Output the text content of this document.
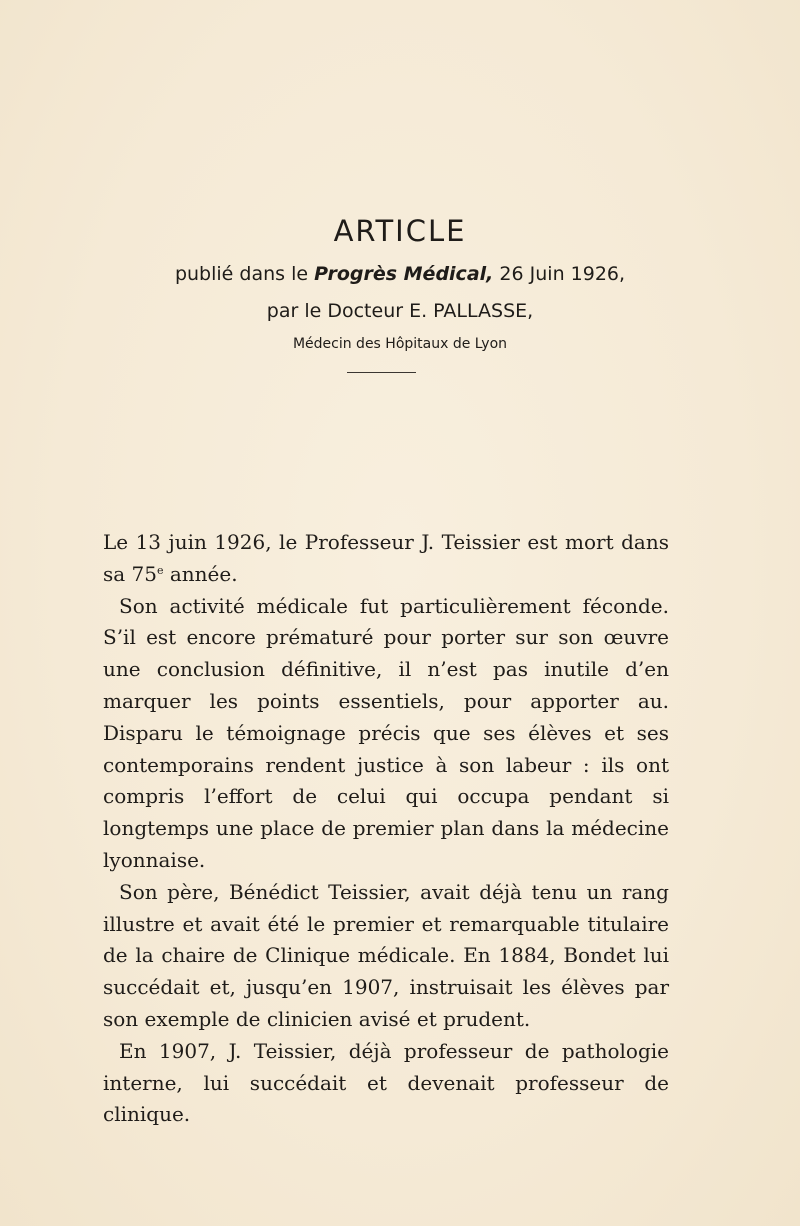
ARTICLE
publié dans le Progrès Médical, 26 Juin 1926,
par le Docteur E. PALLASSE,
Médecin des Hôpitaux de Lyon

Le 13 juin 1926, le Professeur J. Teissier est mort dans sa 75e année.

Son activité médicale fut particulièrement féconde. S’il est encore prématuré pour porter sur son œuvre une conclusion définitive, il n’est pas inutile d’en marquer les points essentiels, pour apporter au. Disparu le témoignage précis que ses élèves et ses contemporains rendent justice à son labeur : ils ont compris l’effort de celui qui occupa pendant si longtemps une place de premier plan dans la médecine lyonnaise.

Son père, Bénédict Teissier, avait déjà tenu un rang illustre et avait été le premier et remarquable titulaire de la chaire de Clinique médicale. En 1884, Bondet lui succédait et, jusqu’en 1907, instruisait les élèves par son exemple de clinicien avisé et prudent.

En 1907, J. Teissier, déjà professeur de pathologie interne, lui succédait et devenait professeur de clinique.
